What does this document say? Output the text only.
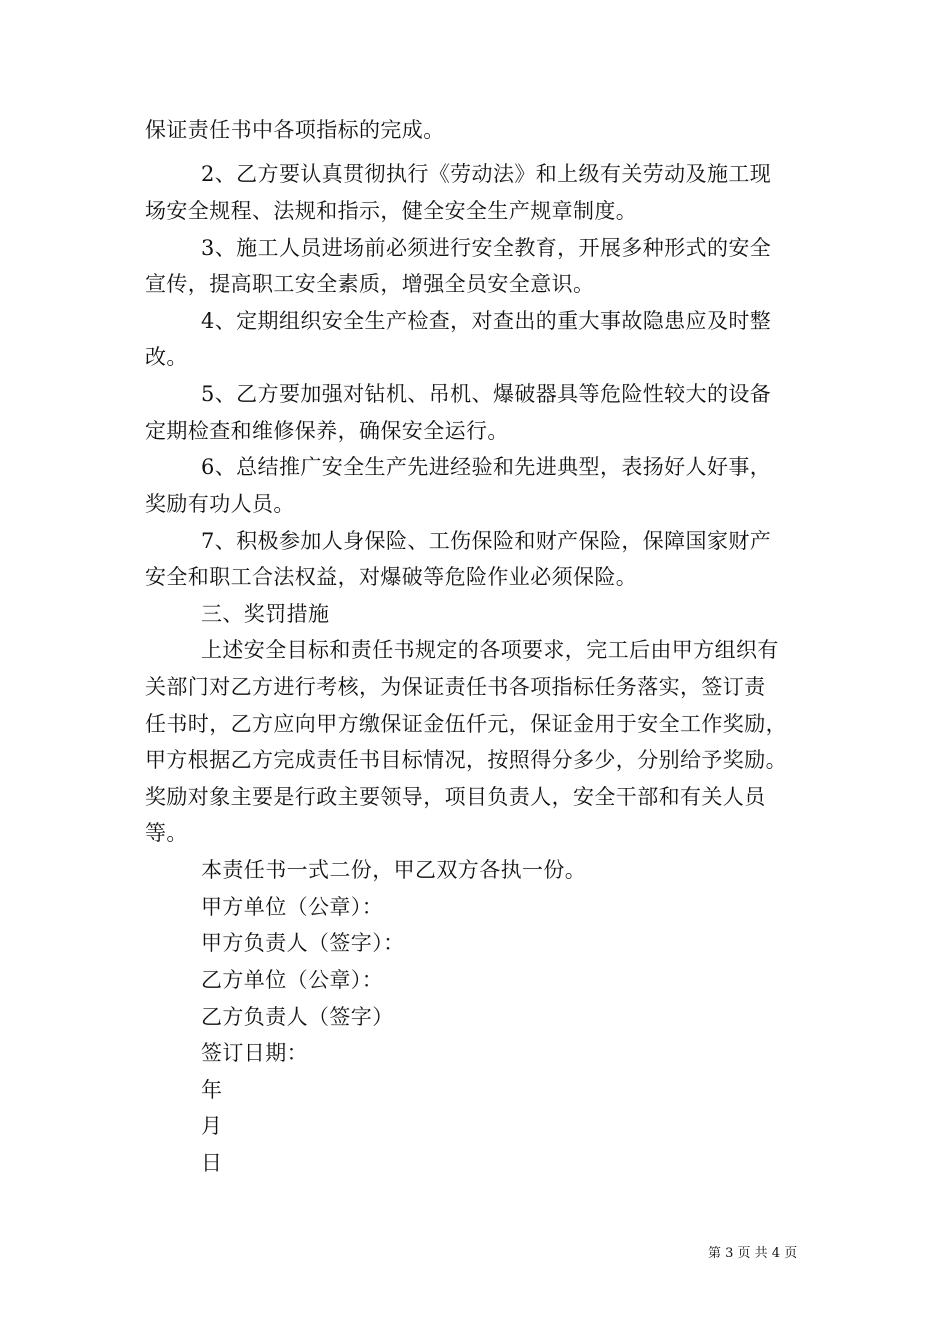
保证责任书中各项指标的完成。
2、乙方要认真贯彻执行《劳动法》和上级有关劳动及施工现
场安全规程、法规和指示，健全安全生产规章制度。
3、施工人员进场前必须进行安全教育，开展多种形式的安全
宣传，提高职工安全素质，增强全员安全意识。
4、定期组织安全生产检查，对查出的重大事故隐患应及时整
改。
5、乙方要加强对钻机、吊机、爆破器具等危险性较大的设备
定期检查和维修保养，确保安全运行。
6、总结推广安全生产先进经验和先进典型，表扬好人好事，
奖励有功人员。
7、积极参加人身保险、工伤保险和财产保险，保障国家财产
安全和职工合法权益，对爆破等危险作业必须保险。
三、奖罚措施
上述安全目标和责任书规定的各项要求，完工后由甲方组织有
关部门对乙方进行考核，为保证责任书各项指标任务落实，签订责
任书时，乙方应向甲方缴保证金伍仟元，保证金用于安全工作奖励，
甲方根据乙方完成责任书目标情况，按照得分多少，分别给予奖励。
奖励对象主要是行政主要领导，项目负责人，安全干部和有关人员
等。
本责任书一式二份，甲乙双方各执一份。
甲方单位（公章）：
甲方负责人（签字）：
乙方单位（公章）：
乙方负责人（签字）
签订日期：
年
月
日
第 3 页 共 4 页
